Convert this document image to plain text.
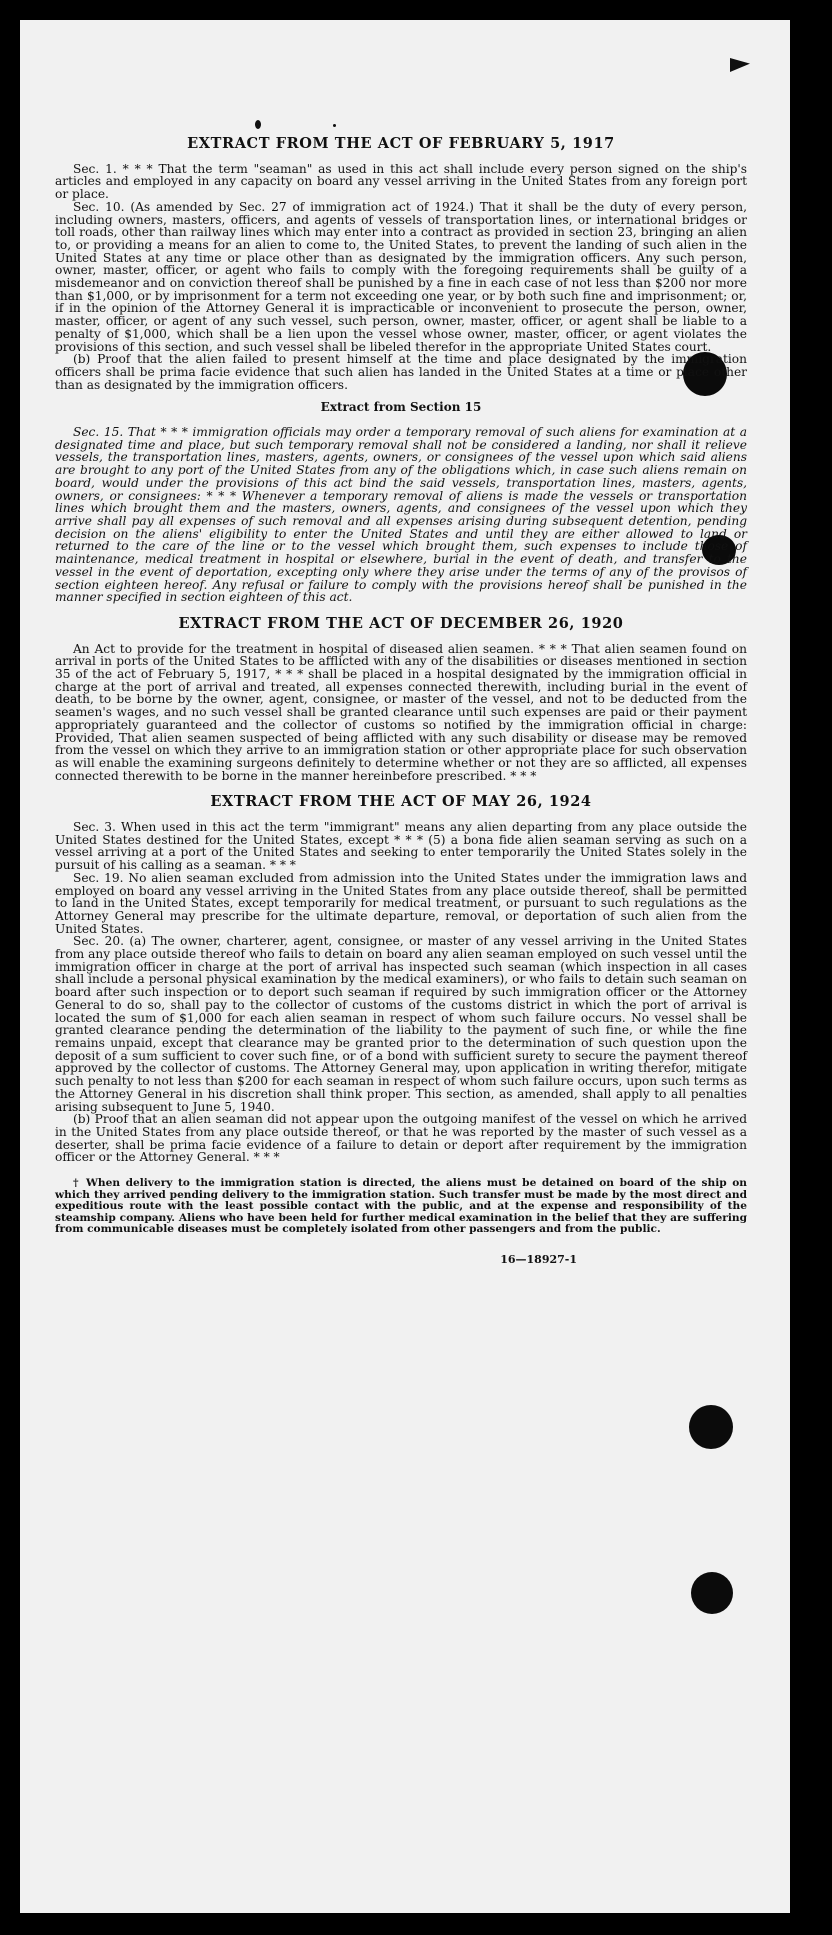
EXTRACT FROM THE ACT OF FEBRUARY 5, 1917

Sec. 1. * * * That the term "seaman" as used in this act shall include every person signed on the ship's articles and employed in any capacity on board any vessel arriving in the United States from any foreign port or place.

Sec. 10. (As amended by Sec. 27 of immigration act of 1924.) That it shall be the duty of every person, including owners, masters, officers, and agents of vessels of transportation lines, or international bridges or toll roads, other than railway lines which may enter into a contract as provided in section 23, bringing an alien to, or providing a means for an alien to come to, the United States, to prevent the landing of such alien in the United States at any time or place other than as designated by the immigration officers. Any such person, owner, master, officer, or agent who fails to comply with the foregoing requirements shall be guilty of a misdemeanor and on conviction thereof shall be punished by a fine in each case of not less than $200 nor more than $1,000, or by imprisonment for a term not exceeding one year, or by both such fine and imprisonment; or, if in the opinion of the Attorney General it is impracticable or inconvenient to prosecute the person, owner, master, officer, or agent of any such vessel, such person, owner, master, officer, or agent shall be liable to a penalty of $1,000, which shall be a lien upon the vessel whose owner, master, officer, or agent violates the provisions of this section, and such vessel shall be libeled therefor in the appropriate United States court.

(b) Proof that the alien failed to present himself at the time and place designated by the immigration officers shall be prima facie evidence that such alien has landed in the United States at a time or place other than as designated by the immigration officers.

Extract from Section 15

Sec. 15. That * * * immigration officials may order a temporary removal of such aliens for examination at a designated time and place, but such temporary removal shall not be considered a landing, nor shall it relieve vessels, the transportation lines, masters, agents, owners, or consignees of the vessel upon which said aliens are brought to any port of the United States from any of the obligations which, in case such aliens remain on board, would under the provisions of this act bind the said vessels, transportation lines, masters, agents, owners, or consignees: * * * Whenever a temporary removal of aliens is made the vessels or transportation lines which brought them and the masters, owners, agents, and consignees of the vessel upon which they arrive shall pay all expenses of such removal and all expenses arising during subsequent detention, pending decision on the aliens' eligibility to enter the United States and until they are either allowed to land or returned to the care of the line or to the vessel which brought them, such expenses to include those of maintenance, medical treatment in hospital or elsewhere, burial in the event of death, and transfer to the vessel in the event of deportation, excepting only where they arise under the terms of any of the provisos of section eighteen hereof. Any refusal or failure to comply with the provisions hereof shall be punished in the manner specified in section eighteen of this act.

EXTRACT FROM THE ACT OF DECEMBER 26, 1920

An Act to provide for the treatment in hospital of diseased alien seamen. * * * That alien seamen found on arrival in ports of the United States to be afflicted with any of the disabilities or diseases mentioned in section 35 of the act of February 5, 1917, * * * shall be placed in a hospital designated by the immigration official in charge at the port of arrival and treated, all expenses connected therewith, including burial in the event of death, to be borne by the owner, agent, consignee, or master of the vessel, and not to be deducted from the seamen's wages, and no such vessel shall be granted clearance until such expenses are paid or their payment appropriately guaranteed and the collector of customs so notified by the immigration official in charge: Provided, That alien seamen suspected of being afflicted with any such disability or disease may be removed from the vessel on which they arrive to an immigration station or other appropriate place for such observation as will enable the examining surgeons definitely to determine whether or not they are so afflicted, all expenses connected therewith to be borne in the manner hereinbefore prescribed. * * *

EXTRACT FROM THE ACT OF MAY 26, 1924

Sec. 3. When used in this act the term "immigrant" means any alien departing from any place outside the United States destined for the United States, except * * * (5) a bona fide alien seaman serving as such on a vessel arriving at a port of the United States and seeking to enter temporarily the United States solely in the pursuit of his calling as a seaman. * * *

Sec. 19. No alien seaman excluded from admission into the United States under the immigration laws and employed on board any vessel arriving in the United States from any place outside thereof, shall be permitted to land in the United States, except temporarily for medical treatment, or pursuant to such regulations as the Attorney General may prescribe for the ultimate departure, removal, or deportation of such alien from the United States.

Sec. 20. (a) The owner, charterer, agent, consignee, or master of any vessel arriving in the United States from any place outside thereof who fails to detain on board any alien seaman employed on such vessel until the immigration officer in charge at the port of arrival has inspected such seaman (which inspection in all cases shall include a personal physical examination by the medical examiners), or who fails to detain such seaman on board after such inspection or to deport such seaman if required by such immigration officer or the Attorney General to do so, shall pay to the collector of customs of the customs district in which the port of arrival is located the sum of $1,000 for each alien seaman in respect of whom such failure occurs. No vessel shall be granted clearance pending the determination of the liability to the payment of such fine, or while the fine remains unpaid, except that clearance may be granted prior to the determination of such question upon the deposit of a sum sufficient to cover such fine, or of a bond with sufficient surety to secure the payment thereof approved by the collector of customs. The Attorney General may, upon application in writing therefor, mitigate such penalty to not less than $200 for each seaman in respect of whom such failure occurs, upon such terms as the Attorney General in his discretion shall think proper. This section, as amended, shall apply to all penalties arising subsequent to June 5, 1940.

(b) Proof that an alien seaman did not appear upon the outgoing manifest of the vessel on which he arrived in the United States from any place outside thereof, or that he was reported by the master of such vessel as a deserter, shall be prima facie evidence of a failure to detain or deport after requirement by the immigration officer or the Attorney General. * * *

† When delivery to the immigration station is directed, the aliens must be detained on board of the ship on which they arrived pending delivery to the immigration station. Such transfer must be made by the most direct and expeditious route with the least possible contact with the public, and at the expense and responsibility of the steamship company. Aliens who have been held for further medical examination in the belief that they are suffering from communicable diseases must be completely isolated from other passengers and from the public.

16—18927-1
